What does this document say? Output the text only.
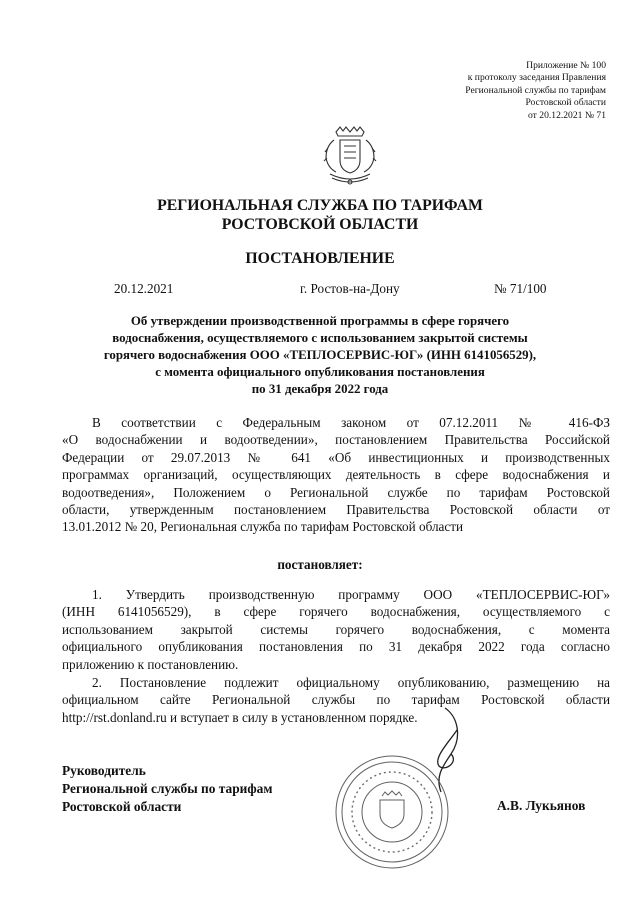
Приложение № 100
к протоколу заседания Правления
Региональной службы по тарифам
Ростовской области
от 20.12.2021 № 71
РЕГИОНАЛЬНАЯ СЛУЖБА ПО ТАРИФАМ
РОСТОВСКОЙ ОБЛАСТИ
ПОСТАНОВЛЕНИЕ
20.12.2021	г. Ростов-на-Дону	№ 71/100
Об утверждении производственной программы в сфере горячего
водоснабжения, осуществляемого с использованием закрытой системы
горячего водоснабжения ООО «ТЕПЛОСЕРВИС-ЮГ» (ИНН 6141056529),
с момента официального опубликования постановления
по 31 декабря 2022 года
В соответствии с Федеральным законом от 07.12.2011 № 416-ФЗ
«О водоснабжении и водоотведении», постановлением Правительства Российской
Федерации от 29.07.2013 № 641 «Об инвестиционных и производственных
программах организаций, осуществляющих деятельность в сфере водоснабжения и
водоотведения», Положением о Региональной службе по тарифам Ростовской
области, утвержденным постановлением Правительства Ростовской области от
13.01.2012 № 20, Региональная служба по тарифам Ростовской области
постановляет:
1. Утвердить производственную программу ООО «ТЕПЛОСЕРВИС-ЮГ»
(ИНН 6141056529), в сфере горячего водоснабжения, осуществляемого с
использованием закрытой системы горячего водоснабжения, с момента
официального опубликования постановления по 31 декабря 2022 года согласно
приложению к постановлению.
2. Постановление подлежит официальному опубликованию, размещению на
официальном сайте Региональной службы по тарифам Ростовской области
http://rst.donland.ru и вступает в силу в установленном порядке.
Руководитель
Региональной службы по тарифам
Ростовской области	А.В. Лукьянов
